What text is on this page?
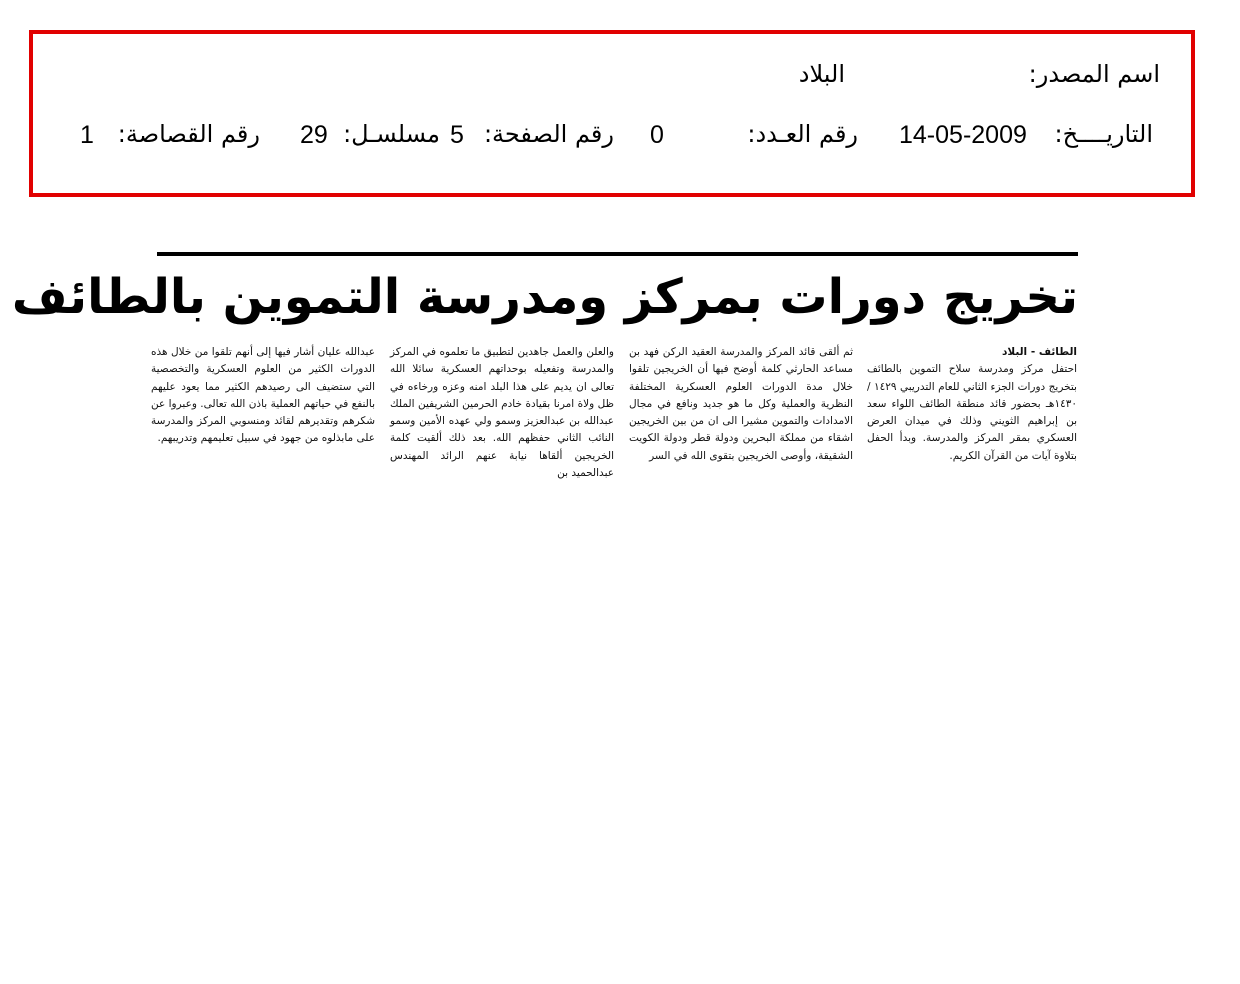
اسم المصدر:
البلاد
التاريــــخ:
14-05-2009
رقم العـدد:
0
رقم الصفحة:
5
مسلسـل:
29
رقم القصاصة:
1
تخريج دورات بمركز ومدرسة التموين بالطائف
الطائف - البلاد

احتفل مركز ومدرسة سلاح التموين بالطائف بتخريج دورات الجزء الثاني للعام التدريبي ١٤٢٩ / ١٤٣٠هـ بحضور قائد منطقة الطائف اللواء سعد بن إبراهيم الثويني وذلك في ميدان العرض العسكري بمقر المركز والمدرسة. وبدأ الحفل بتلاوة آيات من القرآن الكريم.

ثم ألقى قائد المركز والمدرسة العقيد الركن فهد بن مساعد الحارثي كلمة أوضح فيها أن الخريجين تلقوا خلال مدة الدورات العلوم العسكرية المختلفة النظرية والعملية وكل ما هو جديد ونافع في مجال الامدادات والتموين مشيرا الى ان من بين الخريجين اشقاء من مملكة البحرين ودولة قطر ودولة الكويت الشقيقة، وأوصى الخريجين بتقوى الله في السر

والعلن والعمل جاهدين لتطبيق ما تعلموه في المركز والمدرسة وتفعيله بوحداتهم العسكرية سائلا الله تعالى ان يديم على هذا البلد امنه وعزه ورخاءه في ظل ولاة امرنا بقيادة خادم الحرمين الشريفين الملك عبدالله بن عبدالعزيز وسمو ولي عهده الأمين وسمو النائب الثاني حفظهم الله. بعد ذلك ألقيت كلمة الخريجين ألقاها نيابة عنهم الرائد المهندس عبدالحميد بن

عبدالله عليان أشار فيها إلى أنهم تلقوا من خلال هذه الدورات الكثير من العلوم العسكرية والتخصصية التي ستضيف الى رصيدهم الكثير مما يعود عليهم بالنفع في حياتهم العملية باذن الله تعالى. وعبروا عن شكرهم وتقديرهم لقائد ومنسوبي المركز والمدرسة على مابذلوه من جهود في سبيل تعليمهم وتدريبهم.
